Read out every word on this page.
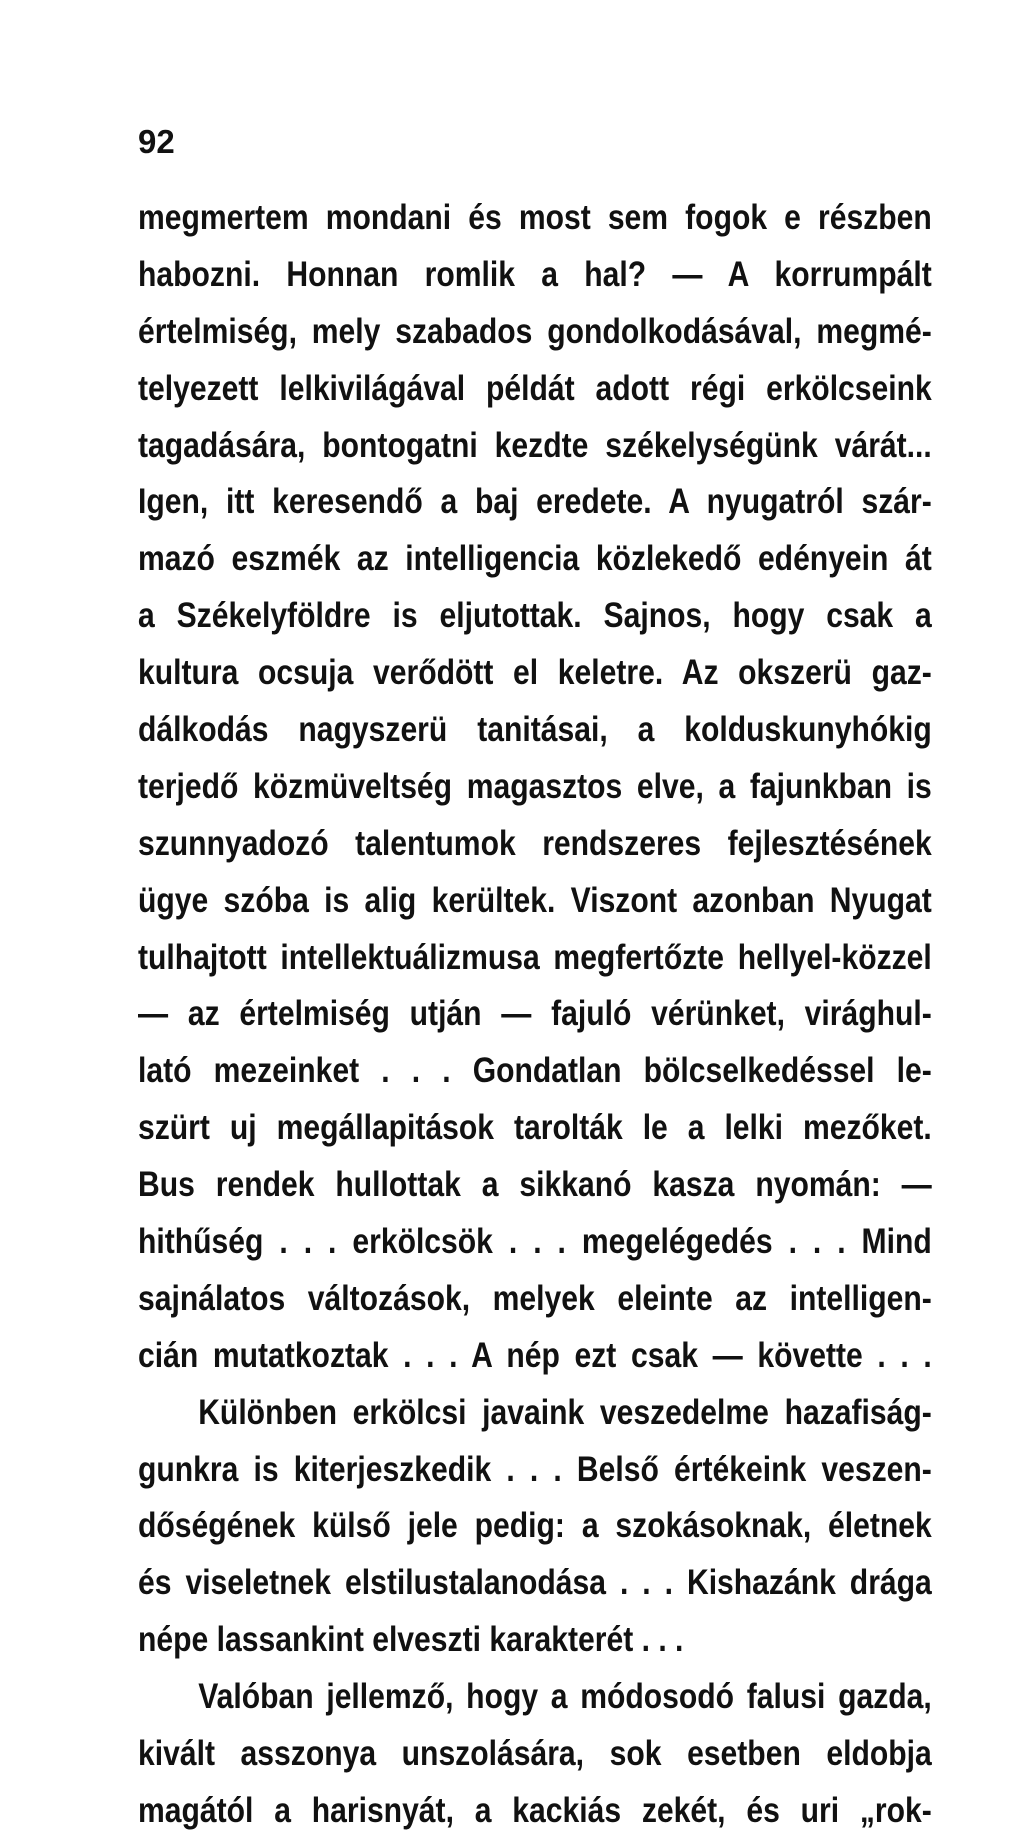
92
megmertem mondani és most sem fogok e részben
habozni. Honnan romlik a hal? — A korrumpált
értelmiség, mely szabados gondolkodásával, megmé-
telyezett lelkivilágával példát adott régi erkölcseink
tagadására, bontogatni kezdte székelységünk várát...
Igen, itt keresendő a baj eredete. A nyugatról szár-
mazó eszmék az intelligencia közlekedő edényein át
a Székelyföldre is eljutottak. Sajnos, hogy csak a
kultura ocsuja verődött el keletre. Az okszerü gaz-
dálkodás nagyszerü tanitásai, a kolduskunyhókig
terjedő közmüveltség magasztos elve, a fajunkban is
szunnyadozó talentumok rendszeres fejlesztésének
ügye szóba is alig kerültek. Viszont azonban Nyugat
tulhajtott intellektuálizmusa megfertőzte hellyel-közzel
— az értelmiség utján — fajuló vérünket, virághul-
lató mezeinket . . . Gondatlan bölcselkedéssel le-
szürt uj megállapitások tarolták le a lelki mezőket.
Bus rendek hullottak a sikkanó kasza nyomán: —
hithűség . . . erkölcsök . . . megelégedés . . . Mind
sajnálatos változások, melyek eleinte az intelligen-
cián mutatkoztak . . . A nép ezt csak — követte . . .
Különben erkölcsi javaink veszedelme hazafiság-
gunkra is kiterjeszkedik . . . Belső értékeink veszen-
dőségének külső jele pedig: a szokásoknak, életnek
és viseletnek elstilustalanodása . . . Kishazánk drága
népe lassankint elveszti karakterét . . .
Valóban jellemző, hogy a módosodó falusi gazda,
kivált asszonya unszolására, sok esetben eldobja
magától a harisnyát, a kackiás zekét, és uri „rok-
